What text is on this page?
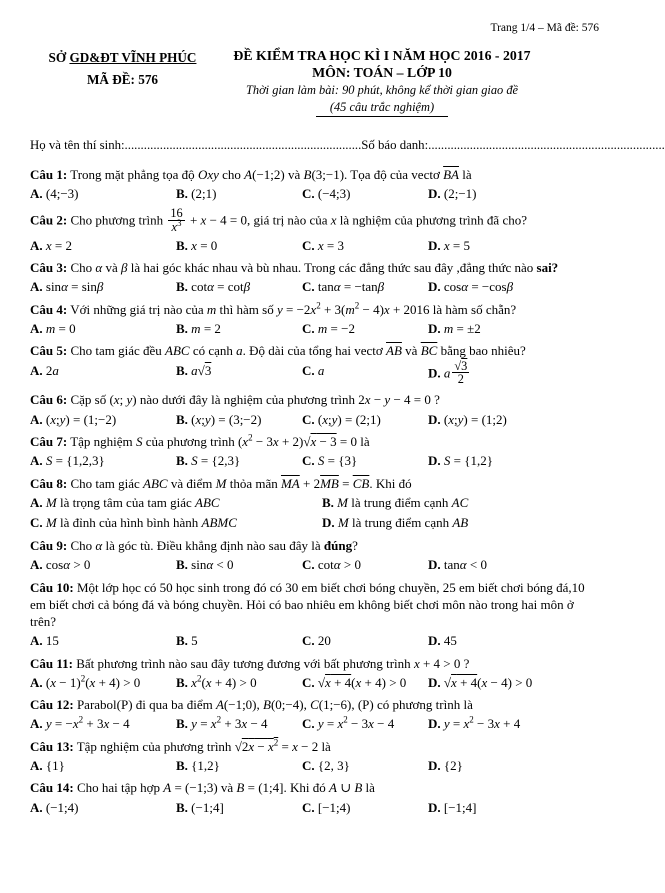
Trang 1/4 – Mã đề: 576
SỞ GD&ĐT VĨNH PHÚC
MÃ ĐỀ: 576
ĐỀ KIỂM TRA HỌC KÌ I NĂM HỌC 2016 - 2017
MÔN: TOÁN – LỚP 10
Thời gian làm bài: 90 phút, không kể thời gian giao đề
(45 câu trắc nghiệm)
Họ và tên thí sinh: .......................................................................... Số báo danh: ..........................................................................
Câu 1: Trong mặt phẳng tọa độ Oxy cho A(−1;2) và B(3;−1). Tọa độ của vectơ $\overline{BA}$ là
A. (4;−3)	B. (2;1)	C. (−4;3)	D. (2;−1)
Câu 2: Cho phương trình $\frac{16}{x^3} + x - 4 = 0$, giá trị nào của x là nghiệm của phương trình đã cho?
A. x = 2	B. x = 0	C. x = 3	D. x = 5
Câu 3: Cho α và β là hai góc khác nhau và bù nhau. Trong các đẳng thức sau đây ,đẳng thức nào sai?
A. sinα = sinβ	B. cotα = cotβ	C. tanα = −tanβ	D. cosα = −cosβ
Câu 4: Với những giá trị nào của m thì hàm số $y = -2x^2 + 3(m^2 - 4)x + 2016$ là hàm số chẵn?
A. m = 0	B. m = 2	C. m = −2	D. m = ±2
Câu 5: Cho tam giác đều ABC có cạnh a. Độ dài của tổng hai vectơ $\overline{AB}$ và $\overline{BC}$ bằng bao nhiêu?
A. 2a	B. a √ 3	C. a	D. a √ $\frac{3}{2}$
Câu 6: Cặp số (x; y) nào dưới đây là nghiệm của phương trình 2x − y − 4 = 0 ?
A. (x;y) = (1;−2)	B. (x;y) = (3;−2)	C. (x;y) = (2;1)	D. (x;y) = (1;2)
Câu 7: Tập nghiệm S của phương trình $(x^2 - 3x + 2)$ √ x − 3 = 0 là
A. S = {1,2,3}	B. S = {2,3}	C. S = {3}	D. S = {1,2}
Câu 8: Cho tam giác ABC và điểm M thỏa mãn $\overline{MA} + 2\overline{MB} = \overline{CB}$. Khi đó
A. M là trọng tâm của tam giác ABC	B. M là trung điểm cạnh AC
C. M là đỉnh của hình bình hành ABMC	D. M là trung điểm cạnh AB
Câu 9: Cho α là góc tù. Điều khẳng định nào sau đây là đúng?
A. cosα > 0	B. sinα < 0	C. cotα > 0	D. tanα < 0
Câu 10: Một lớp học có 50 học sinh trong đó có 30 em biết chơi bóng chuyền, 25 em biết chơi bóng đá,10 em biết chơi cả bóng đá và bóng chuyền. Hỏi có bao nhiêu em không biết chơi môn nào trong hai môn ở trên?
A. 15	B. 5	C. 20	D. 45
Câu 11: Bất phương trình nào sau đây tương đương với bất phương trình x + 4 > 0 ?
A. $(x - 1)^2(x + 4) > 0$	B. $x^2(x + 4) > 0$	C. √ x + 4(x + 4) > 0	D. √ x + 4(x − 4) > 0
Câu 12: Parabol(P) đi qua ba điểm A(−1;0), B(0;−4), C(1;−6), (P) có phương trình là
A. $y = -x^2 + 3x - 4$	B. $y = x^2 + 3x - 4$	C. $y = x^2 - 3x - 4$	D. $y = x^2 - 3x + 4$
Câu 13: Tập nghiệm của phương trình √ $2x - x^2 = x - 2$ là
A. {1}	B. {1,2}	C. {2, 3}	D. {2}
Câu 14: Cho hai tập hợp A = (−1;3) và B = (1;4]. Khi đó A ∪ B là
A. (−1;4)	B. (−1;4]	C. [−1;4)	D. [−1;4]
